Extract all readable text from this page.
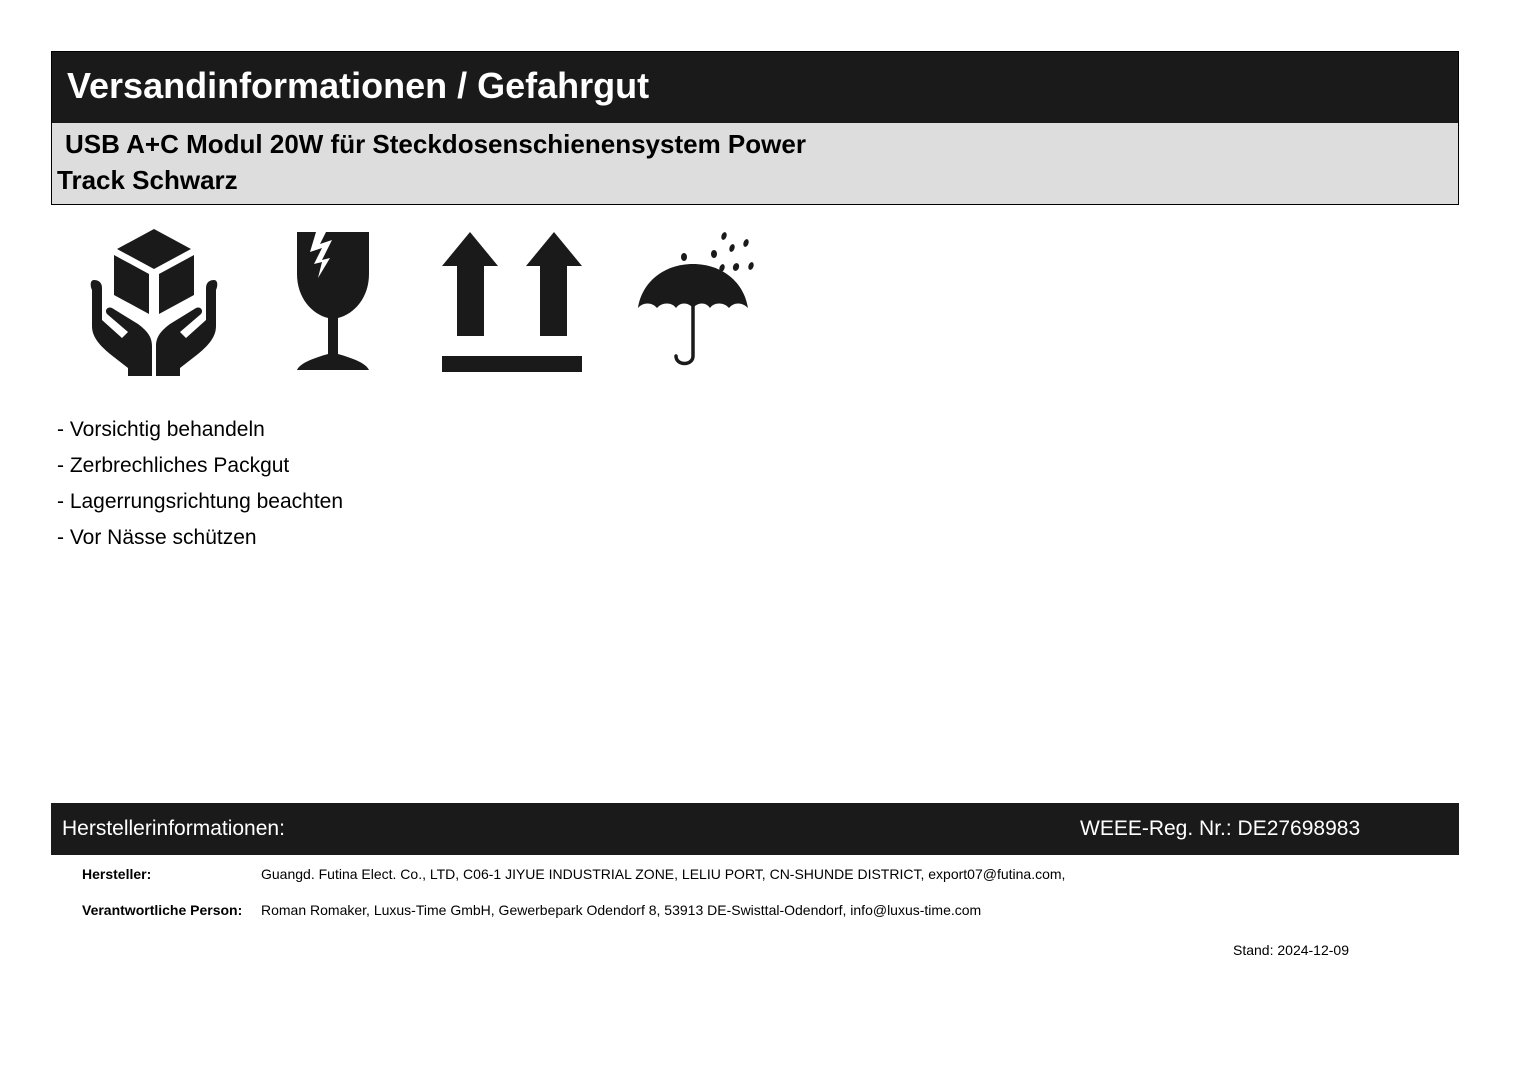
Versandinformationen / Gefahrgut
USB A+C Modul 20W für Steckdosenschienensystem Power
Track Schwarz
- Vorsichtig behandeln
- Zerbrechliches Packgut
- Lagerrungsrichtung beachten
- Vor Nässe schützen
Herstellerinformationen:	WEEE-Reg. Nr.: DE27698983
Hersteller:	Guangd. Futina Elect. Co., LTD, C06-1 JIYUE INDUSTRIAL ZONE, LELIU PORT, CN-SHUNDE DISTRICT, export07@futina.com,
Verantwortliche Person: Roman Romaker, Luxus-Time GmbH, Gewerbepark Odendorf 8, 53913 DE-Swisttal-Odendorf, info@luxus-time.com
Stand: 2024-12-09
